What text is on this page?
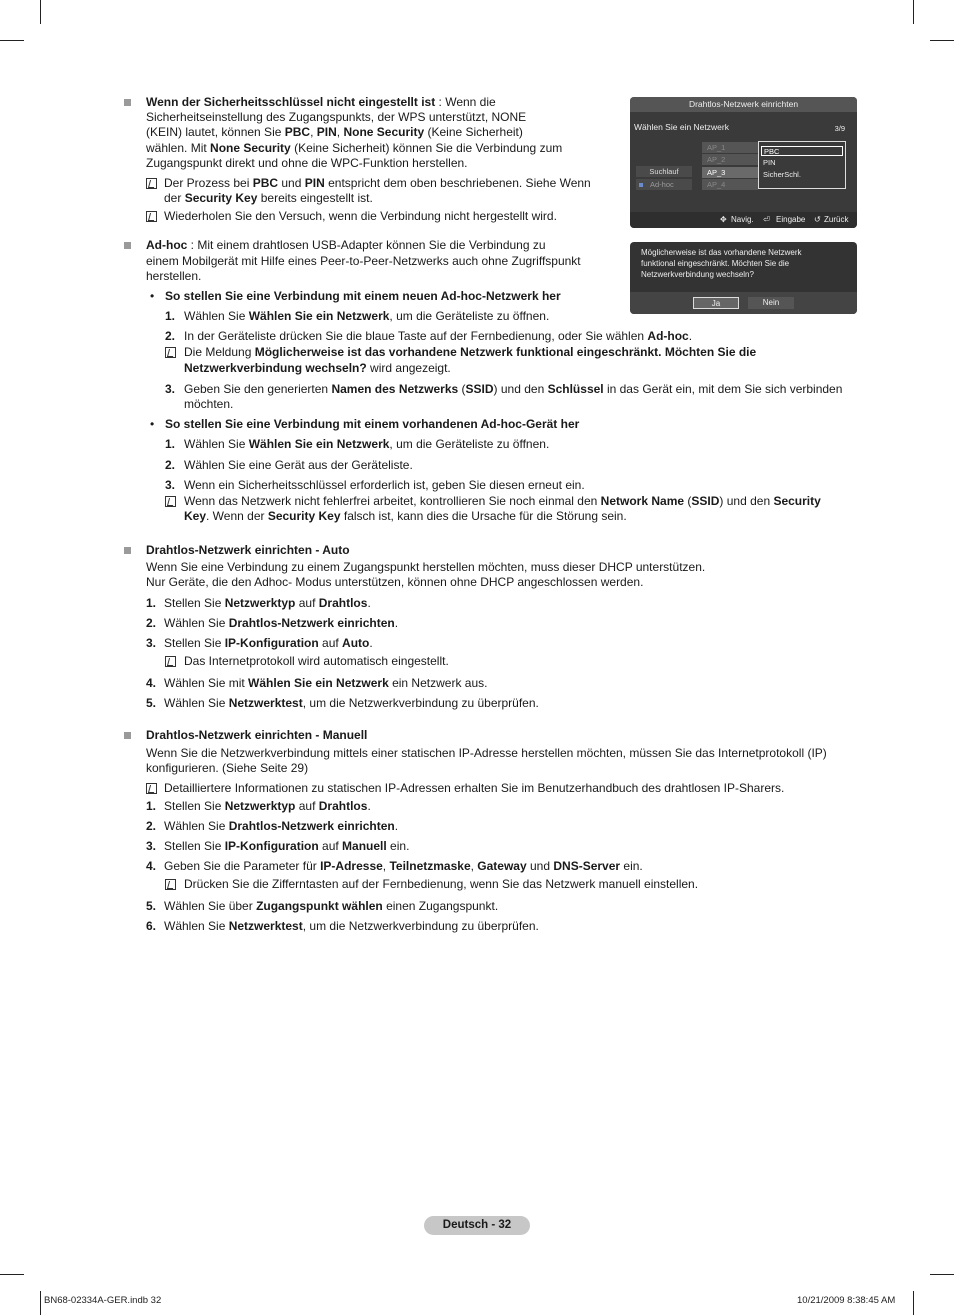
Wenn der Sicherheitsschlüssel nicht eingestellt ist : Wenn die
Sicherheitseinstellung des Zugangspunkts, der WPS unterstützt, NONE
(KEIN) lautet, können Sie PBC, PIN, None Security (Keine Sicherheit)
wählen. Mit None Security (Keine Sicherheit) können Sie die Verbindung zum
Zugangspunkt direkt und ohne die WPC-Funktion herstellen.
Der Prozess bei PBC und PIN entspricht dem oben beschriebenen. Siehe Wenn
der Security Key bereits eingestellt ist.
Wiederholen Sie den Versuch, wenn die Verbindung nicht hergestellt wird.
Drahtlos-Netzwerk einrichten
Wählen Sie ein Netzwerk	3/9
AP_1
AP_2
AP_3
AP_4
Suchlauf
Ad-hoc
PBC
PIN
SicherSchl.
✥ Navig. ⏎ Eingabe ↺ Zurück
Möglicherweise ist das vorhandene Netzwerk
funktional eingeschränkt. Möchten Sie die
Netzwerkverbindung wechseln?
Ja	Nein
Ad-hoc : Mit einem drahtlosen USB-Adapter können Sie die Verbindung zu
einem Mobilgerät mit Hilfe eines Peer-to-Peer-Netzwerks auch ohne Zugriffspunkt
herstellen.
• So stellen Sie eine Verbindung mit einem neuen Ad-hoc-Netzwerk her
1. Wählen Sie Wählen Sie ein Netzwerk, um die Geräteliste zu öffnen.
2. In der Geräteliste drücken Sie die blaue Taste auf der Fernbedienung, oder Sie wählen Ad-hoc.
Die Meldung Möglicherweise ist das vorhandene Netzwerk funktional eingeschränkt. Möchten Sie die
Netzwerkverbindung wechseln? wird angezeigt.
3. Geben Sie den generierten Namen des Netzwerks (SSID) und den Schlüssel in das Gerät ein, mit dem Sie sich verbinden
möchten.
• So stellen Sie eine Verbindung mit einem vorhandenen Ad-hoc-Gerät her
1. Wählen Sie Wählen Sie ein Netzwerk, um die Geräteliste zu öffnen.
2. Wählen Sie eine Gerät aus der Geräteliste.
3. Wenn ein Sicherheitsschlüssel erforderlich ist, geben Sie diesen erneut ein.
Wenn das Netzwerk nicht fehlerfrei arbeitet, kontrollieren Sie noch einmal den Network Name (SSID) und den Security
Key. Wenn der Security Key falsch ist, kann dies die Ursache für die Störung sein.
Drahtlos-Netzwerk einrichten - Auto
Wenn Sie eine Verbindung zu einem Zugangspunkt herstellen möchten, muss dieser DHCP unterstützen.
Nur Geräte, die den Adhoc- Modus unterstützen, können ohne DHCP angeschlossen werden.
1. Stellen Sie Netzwerktyp auf Drahtlos.
2. Wählen Sie Drahtlos-Netzwerk einrichten.
3. Stellen Sie IP-Konfiguration auf Auto.
Das Internetprotokoll wird automatisch eingestellt.
4. Wählen Sie mit Wählen Sie ein Netzwerk ein Netzwerk aus.
5. Wählen Sie Netzwerktest, um die Netzwerkverbindung zu überprüfen.
Drahtlos-Netzwerk einrichten - Manuell
Wenn Sie die Netzwerkverbindung mittels einer statischen IP-Adresse herstellen möchten, müssen Sie das Internetprotokoll (IP)
konfigurieren. (Siehe Seite 29)
Detailliertere Informationen zu statischen IP-Adressen erhalten Sie im Benutzerhandbuch des drahtlosen IP-Sharers.
1. Stellen Sie Netzwerktyp auf Drahtlos.
2. Wählen Sie Drahtlos-Netzwerk einrichten.
3. Stellen Sie IP-Konfiguration auf Manuell ein.
4. Geben Sie die Parameter für IP-Adresse, Teilnetzmaske, Gateway und DNS-Server ein.
Drücken Sie die Zifferntasten auf der Fernbedienung, wenn Sie das Netzwerk manuell einstellen.
5. Wählen Sie über Zugangspunkt wählen einen Zugangspunkt.
6. Wählen Sie Netzwerktest, um die Netzwerkverbindung zu überprüfen.
Deutsch - 32
BN68-02334A-GER.indb 32	10/21/2009 8:38:45 AM
